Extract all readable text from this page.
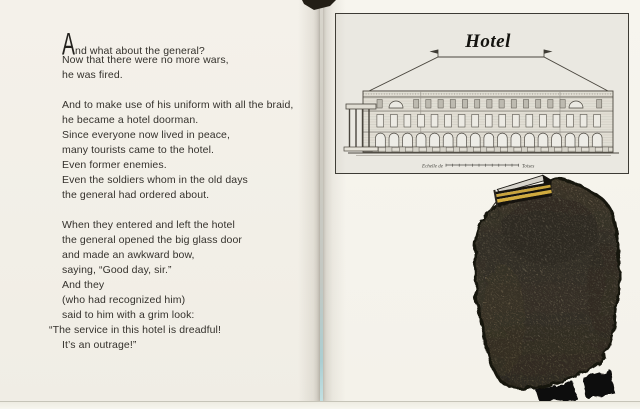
And what about the general?
Now that there were no more wars,
he was fired.
And to make use of his uniform with all the braid,
he became a hotel doorman.
Since everyone now lived in peace,
many tourists came to the hotel.
Even former enemies.
Even the soldiers whom in the old days
the general had ordered about.
When they entered and left the hotel
the general opened the big glass door
and made an awkward bow,
saying, “Good day, sir.”
And they
(who had recognized him)
said to him with a grim look:
“The service in this hotel is dreadful!
It’s an outrage!”
Echelle de	Toises
Hotel
